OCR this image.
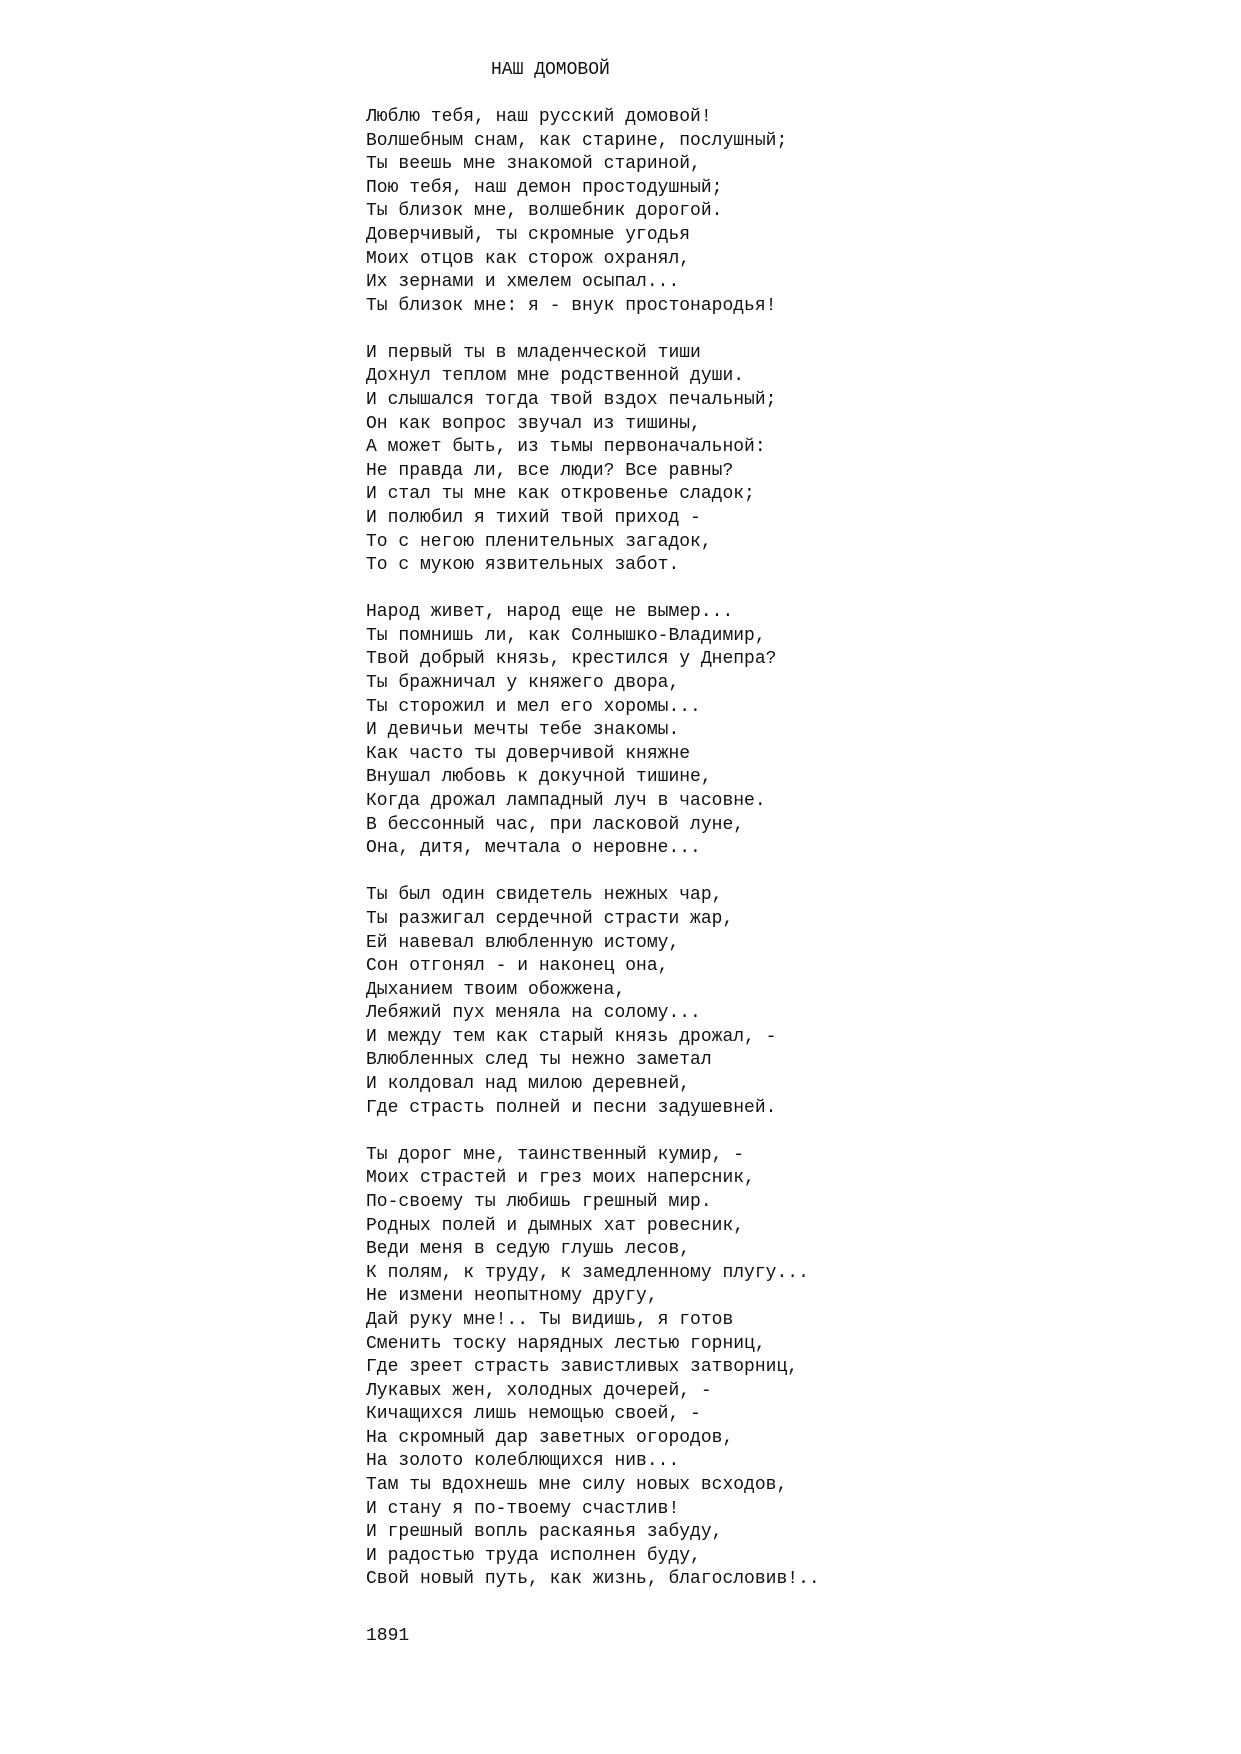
НАШ ДОМОВОЙ
Люблю тебя, наш русский домовой!
Волшебным снам, как старине, послушный;
Ты веешь мне знакомой стариной,
Пою тебя, наш демон простодушный;
Ты близок мне, волшебник дорогой.
Доверчивый, ты скромные угодья
Моих отцов как сторож охранял,
Их зернами и хмелем осыпал...
Ты близок мне: я - внук простонародья!
И первый ты в младенческой тиши
Дохнул теплом мне родственной души.
И слышался тогда твой вздох печальный;
Он как вопрос звучал из тишины,
А может быть, из тьмы первоначальной:
Не правда ли, все люди? Все равны?
И стал ты мне как откровенье сладок;
И полюбил я тихий твой приход -
То с негою пленительных загадок,
То с мукою язвительных забот.
Народ живет, народ еще не вымер...
Ты помнишь ли, как Солнышко-Владимир,
Твой добрый князь, крестился у Днепра?
Ты бражничал у княжего двора,
Ты сторожил и мел его хоромы...
И девичьи мечты тебе знакомы.
Как часто ты доверчивой княжне
Внушал любовь к докучной тишине,
Когда дрожал лампадный луч в часовне.
В бессонный час, при ласковой луне,
Она, дитя, мечтала о неровне...
Ты был один свидетель нежных чар,
Ты разжигал сердечной страсти жар,
Ей навевал влюбленную истому,
Сон отгонял - и наконец она,
Дыханием твоим обожжена,
Лебяжий пух меняла на солому...
И между тем как старый князь дрожал, -
Влюбленных след ты нежно заметал
И колдовал над милою деревней,
Где страсть полней и песни задушевней.
Ты дорог мне, таинственный кумир, -
Моих страстей и грез моих наперсник,
По-своему ты любишь грешный мир.
Родных полей и дымных хат ровесник,
Веди меня в седую глушь лесов,
К полям, к труду, к замедленному плугу...
Не измени неопытному другу,
Дай руку мне!.. Ты видишь, я готов
Сменить тоску нарядных лестью горниц,
Где зреет страсть завистливых затворниц,
Лукавых жен, холодных дочерей, -
Кичащихся лишь немощью своей, -
На скромный дар заветных огородов,
На золото колеблющихся нив...
Там ты вдохнешь мне силу новых всходов,
И стану я по-твоему счастлив!
И грешный вопль раскаянья забуду,
И радостью труда исполнен буду,
Свой новый путь, как жизнь, благословив!..
1891
